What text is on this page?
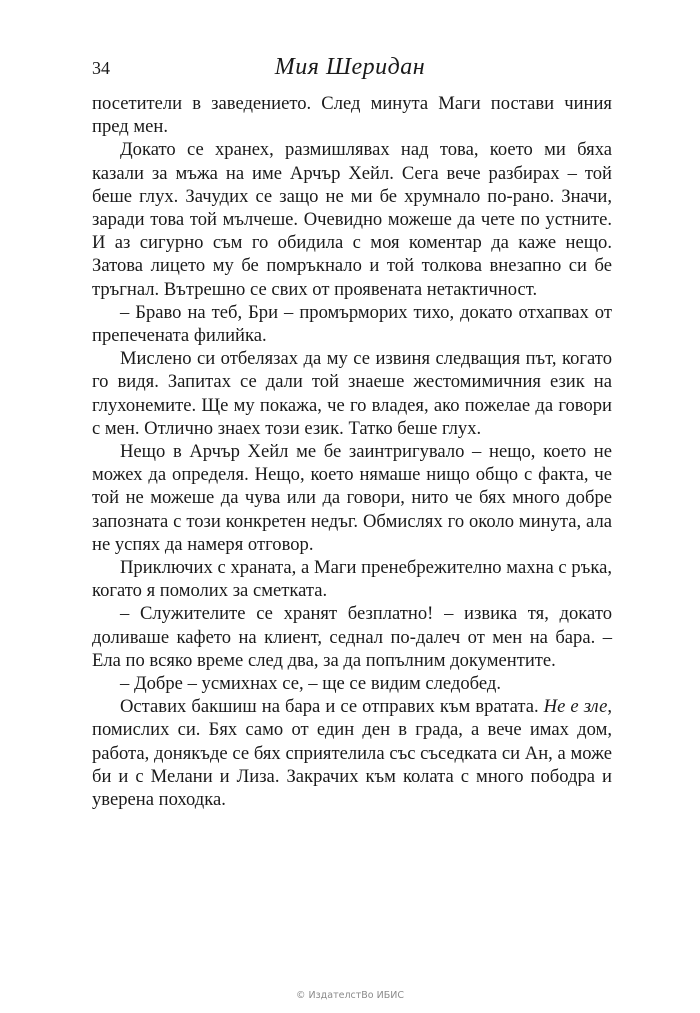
34	Мия Шеридан

посетители в заведението. След минута Маги постави чиния пред мен.

Докато се хранех, размишлявах над това, което ми бяха казали за мъжа на име Арчър Хейл. Сега вече разбирах – той беше глух. Зачудих се защо не ми бе хрумнало по-рано. Значи, заради това той мълчеше. Очевидно можеше да чете по устните. И аз сигурно съм го обидила с моя коментар да каже нещо. Затова лицето му бе помръкнало и той толкова внезапно си бе тръгнал. Вътрешно се свих от проявената нетактичност.

– Браво на теб, Бри – промърморих тихо, докато отхапвах от препечената филийка.

Мислено си отбелязах да му се извиня следващия път, когато го видя. Запитах се дали той знаеше жестомимичния език на глухонемите. Ще му покажа, че го владея, ако пожелае да говори с мен. Отлично знаех този език. Татко беше глух.

Нещо в Арчър Хейл ме бе заинтригувало – нещо, което не можех да определя. Нещо, което нямаше нищо общо с факта, че той не можеше да чува или да говори, нито че бях много добре запозната с този конкретен недъг. Обмислях го около минута, ала не успях да намеря отговор.

Приключих с храната, а Маги пренебрежително махна с ръка, когато я помолих за сметката.

– Служителите се хранят безплатно! – извика тя, докато доливаше кафето на клиент, седнал по-далеч от мен на бара. – Ела по всяко време след два, за да попълним документите.

– Добре – усмихнах се, – ще се видим следобед.

Оставих бакшиш на бара и се отправих към вратата. Не е зле, помислих си. Бях само от един ден в града, а вече имах дом, работа, донякъде се бях сприятелила със съседката си Ан, а може би и с Мелани и Лиза. Закрачих към колата с много пободра и уверена походка.

© ИздателстВо ИБИС
